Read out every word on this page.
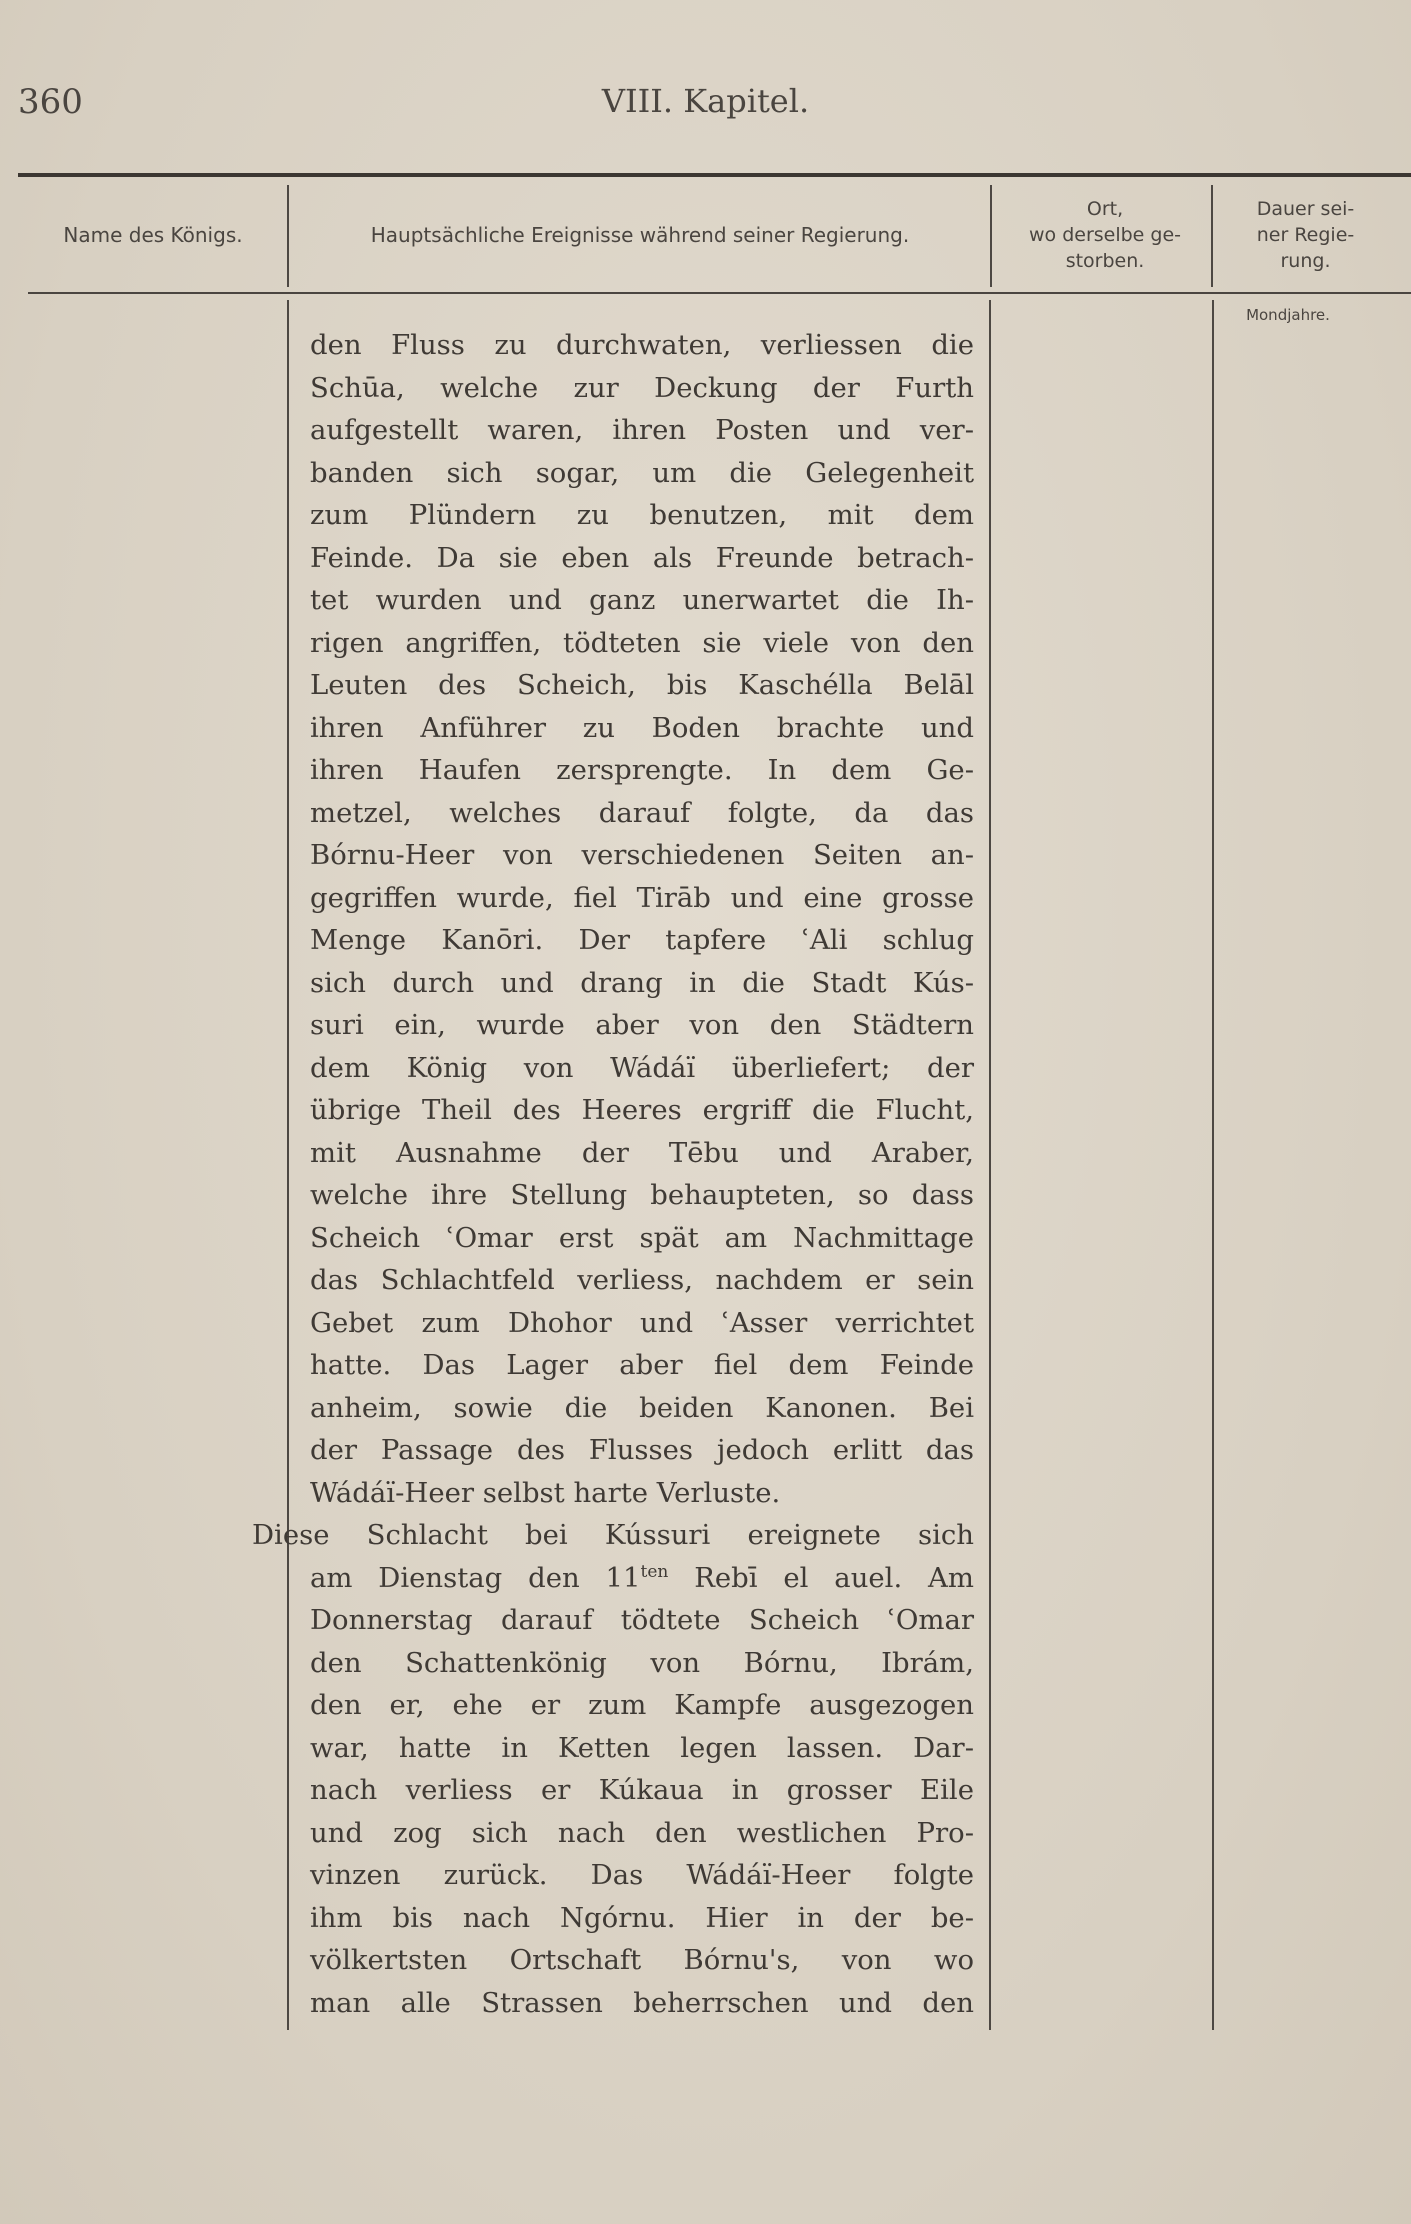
360	VIII. Kapitel.
Name des Königs.	Hauptsächliche Ereignisse während seiner Regierung.
Ort,
wo derselbe ge-
storben.
Dauer sei-
ner Regie-
rung.
Mondjahre.
den Fluss zu durchwaten, verliessen die
Schūa, welche zur Deckung der Furth
aufgestellt waren, ihren Posten und ver-
banden sich sogar, um die Gelegenheit
zum Plündern zu benutzen, mit dem
Feinde. Da sie eben als Freunde betrach-
tet wurden und ganz unerwartet die Ih-
rigen angriffen, tödteten sie viele von den
Leuten des Scheich, bis Kaschélla Belāl
ihren Anführer zu Boden brachte und
ihren Haufen zersprengte. In dem Ge-
metzel, welches darauf folgte, da das
Bórnu-Heer von verschiedenen Seiten an-
gegriffen wurde, fiel Tirāb und eine grosse
Menge Kanōri. Der tapfere ʿAli schlug
sich durch und drang in die Stadt Kús-
suri ein, wurde aber von den Städtern
dem König von Wádáï überliefert; der
übrige Theil des Heeres ergriff die Flucht,
mit Ausnahme der Tēbu und Araber,
welche ihre Stellung behaupteten, so dass
Scheich ʿOmar erst spät am Nachmittage
das Schlachtfeld verliess, nachdem er sein
Gebet zum Dhohor und ʿAsser verrichtet
hatte. Das Lager aber fiel dem Feinde
anheim, sowie die beiden Kanonen. Bei
der Passage des Flusses jedoch erlitt das
Wádáï-Heer selbst harte Verluste.
Diese Schlacht bei Kússuri ereignete sich
am Dienstag den $11^{ten}$ Rebī el auel. Am
Donnerstag darauf tödtete Scheich ʿOmar
den Schattenkönig von Bórnu, Ibrám,
den er, ehe er zum Kampfe ausgezogen
war, hatte in Ketten legen lassen. Dar-
nach verliess er Kúkaua in grosser Eile
und zog sich nach den westlichen Pro-
vinzen zurück. Das Wádáï-Heer folgte
ihm bis nach Ngórnu. Hier in der be-
völkertsten Ortschaft Bórnu's, von wo
man alle Strassen beherrschen und den
